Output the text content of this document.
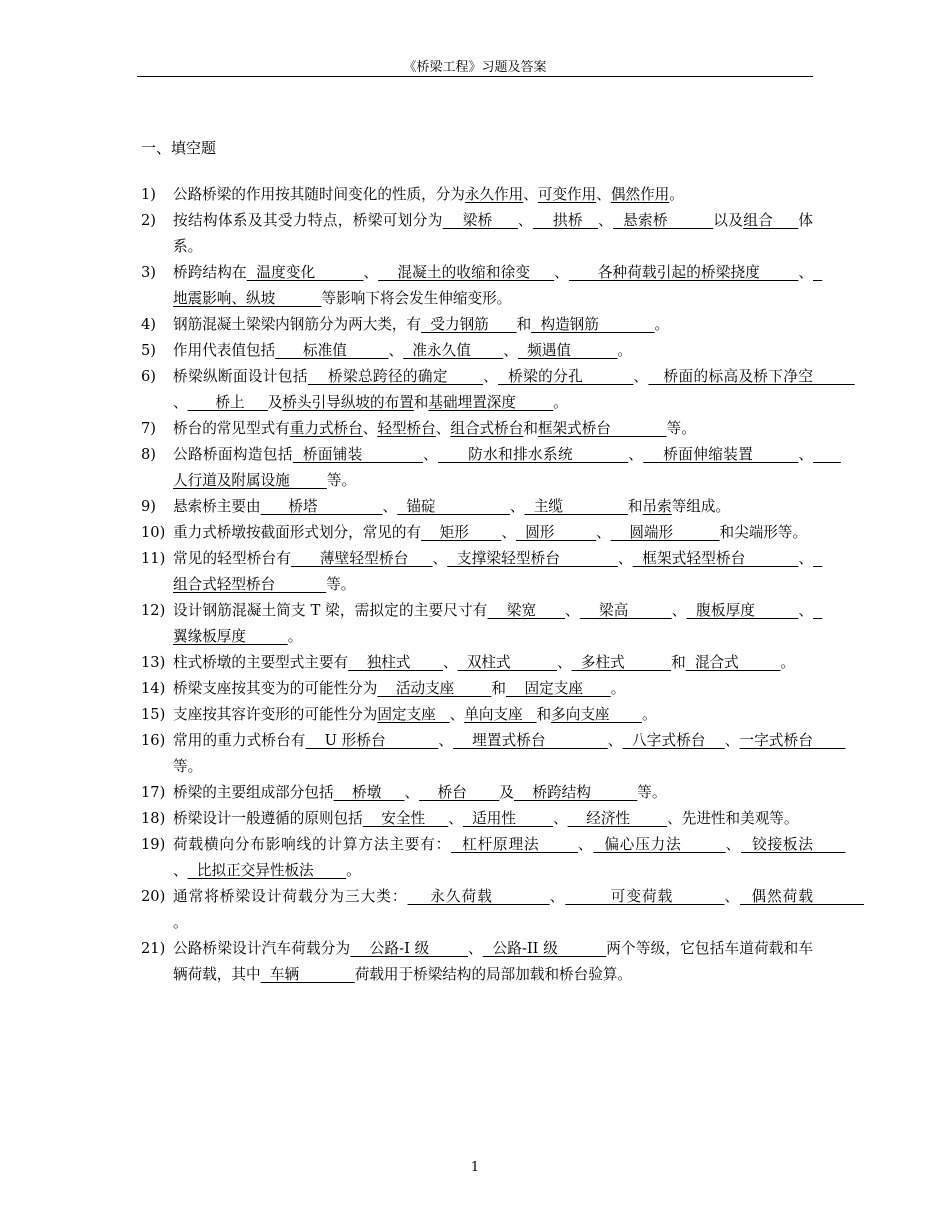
《桥梁工程》习题及答案
一、填空题
1)	公路桥梁的作用按其随时间变化的性质，分为永久作用、可变作用、偶然作用。
2)	按结构体系及其受力特点，桥梁可划分为    梁桥     、    拱桥   、  悬索桥         以及组合     体系。
3)	桥跨结构在  温度变化          、    混凝土的收缩和徐变     、      各种荷载引起的桥梁挠度        、  地震影响、纵坡          等影响下将会发生伸缩变形。
4)	钢筋混凝土梁梁内钢筋分为两大类，有  受力钢筋      和  构造钢筋            。
5)	作用代表值包括      标准值         、  准永久值       、  频遇值          。
6)	桥梁纵断面设计包括    桥梁总跨径的确定       、  桥梁的分孔          、   桥面的标高及桥下净空         、      桥上     及桥头引导纵坡的布置和基础埋置深度        。
7)	桥台的常见型式有重力式桥台、轻型桥台、组合式桥台和框架式桥台            等。
8)	公路桥面构造包括  桥面铺装            、      防水和排水系统           、    桥面伸缩装置         、      人行道及附属设施        等。
9)	悬索桥主要由      桥塔              、  锚碇                、  主缆              和吊索等组成。
10) 重力式桥墩按截面形式划分，常见的有    矩形       、  圆形         、    圆端形          和尖端形等。
11) 常见的轻型桥台有      薄壁轻型桥台     、  支撑梁轻型桥台            、  框架式轻型桥台           、  组合式轻型桥台           等。
12) 设计钢筋混凝土简支 T 梁，需拟定的主要尺寸有    梁宽      、    梁高         、  腹板厚度         、  翼缘板厚度         。
13) 柱式桥墩的主要型式主要有    独柱式       、  双柱式          、  多柱式          和  混合式         。
14) 桥梁支座按其变为的可能性分为    活动支座        和    固定支座      。
15) 支座按其容许变形的可能性分为固定支座   、单向支座   和多向支座       。
16) 常用的重力式桥台有    U 形桥台           、    埋置式桥台             、  八字式桥台    、一字式桥台       等。
17) 桥梁的主要组成部分包括    桥墩     、    桥台       及    桥跨结构          等。
18) 桥梁设计一般遵循的原则包括    安全性     、  适用性        、    经济性        、先进性和美观等。
19) 荷载横向分布影响线的计算方法主要有：  杠杆原理法       、  偏心压力法        、  铰接板法       、  比拟正交异性板法       。
20) 通常将桥梁设计荷载分为三大类：    永久荷载          、        可变荷载         、  偶然荷载           。
21) 公路桥梁设计汽车荷载分为    公路-I 级        、  公路-II 级          两个等级，它包括车道荷载和车辆荷载，其中  车辆            荷载用于桥梁结构的局部加载和桥台验算。
1
